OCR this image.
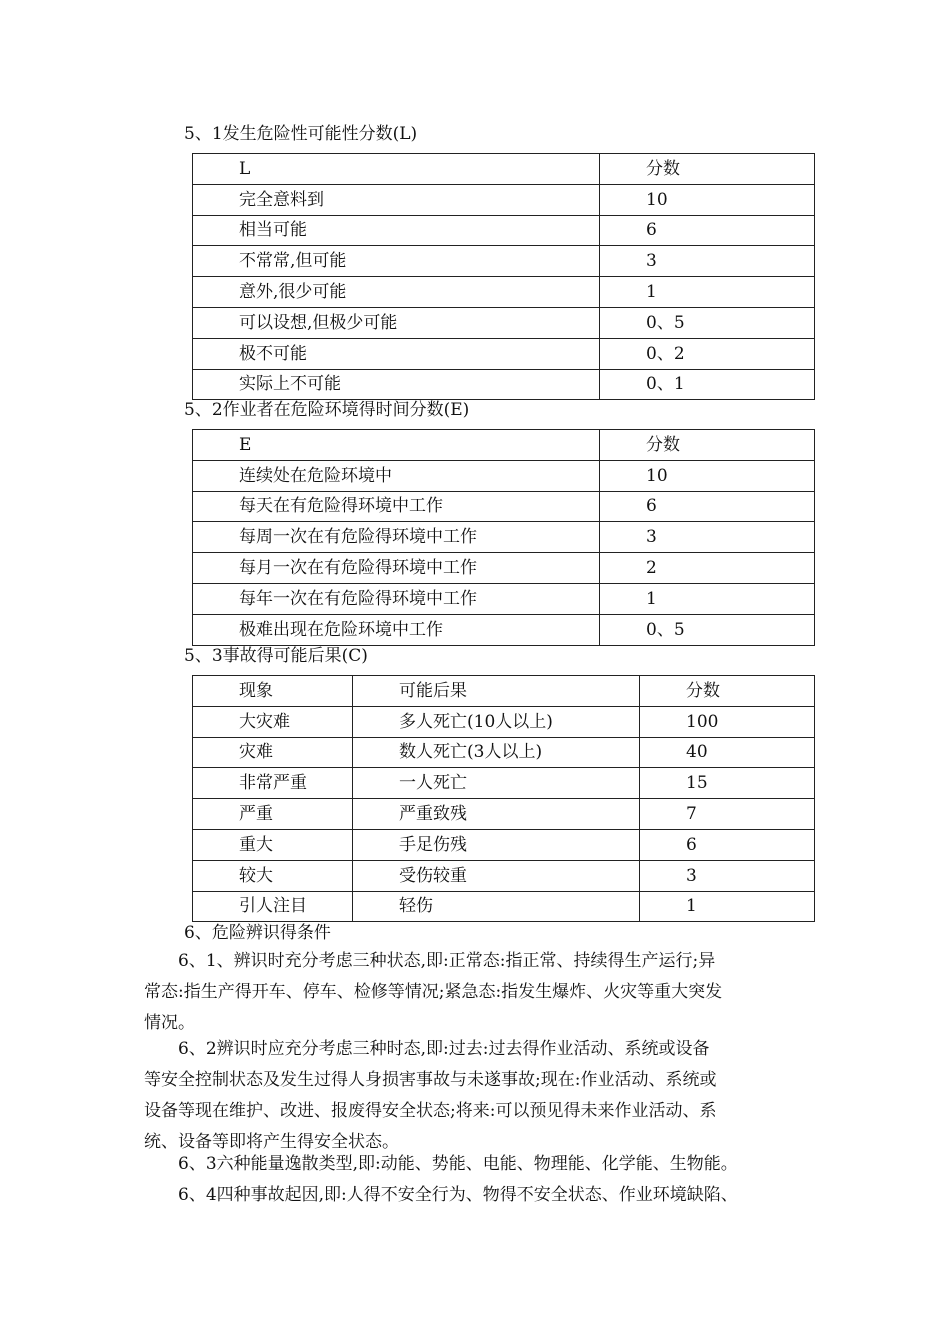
5、1发生危险性可能性分数(L)
L	分数
完全意料到	10
相当可能	6
不常常,但可能	3
意外,很少可能	1
可以设想,但极少可能	0、5
极不可能	0、2
实际上不可能	0、1
5、2作业者在危险环境得时间分数(E)
E	分数
连续处在危险环境中	10
每天在有危险得环境中工作	6
每周一次在有危险得环境中工作	3
每月一次在有危险得环境中工作	2
每年一次在有危险得环境中工作	1
极难出现在危险环境中工作	0、5
5、3事故得可能后果(C)
现象	可能后果	分数
大灾难	多人死亡(10人以上)	100
灾难	数人死亡(3人以上)	40
非常严重	一人死亡	15
严重	严重致残	7
重大	手足伤残	6
较大	受伤较重	3
引人注目	轻伤	1
6、危险辨识得条件
　　6、1、辨识时充分考虑三种状态,即:正常态:指正常、持续得生产运行;异
常态:指生产得开车、停车、检修等情况;紧急态:指发生爆炸、火灾等重大突发
情况。
　　6、2辨识时应充分考虑三种时态,即:过去:过去得作业活动、系统或设备
等安全控制状态及发生过得人身损害事故与未遂事故;现在:作业活动、系统或
设备等现在维护、改进、报废得安全状态;将来:可以预见得未来作业活动、系
统、设备等即将产生得安全状态。
　　6、3六种能量逸散类型,即:动能、势能、电能、物理能、化学能、生物能。
　　6、4四种事故起因,即:人得不安全行为、物得不安全状态、作业环境缺陷、
